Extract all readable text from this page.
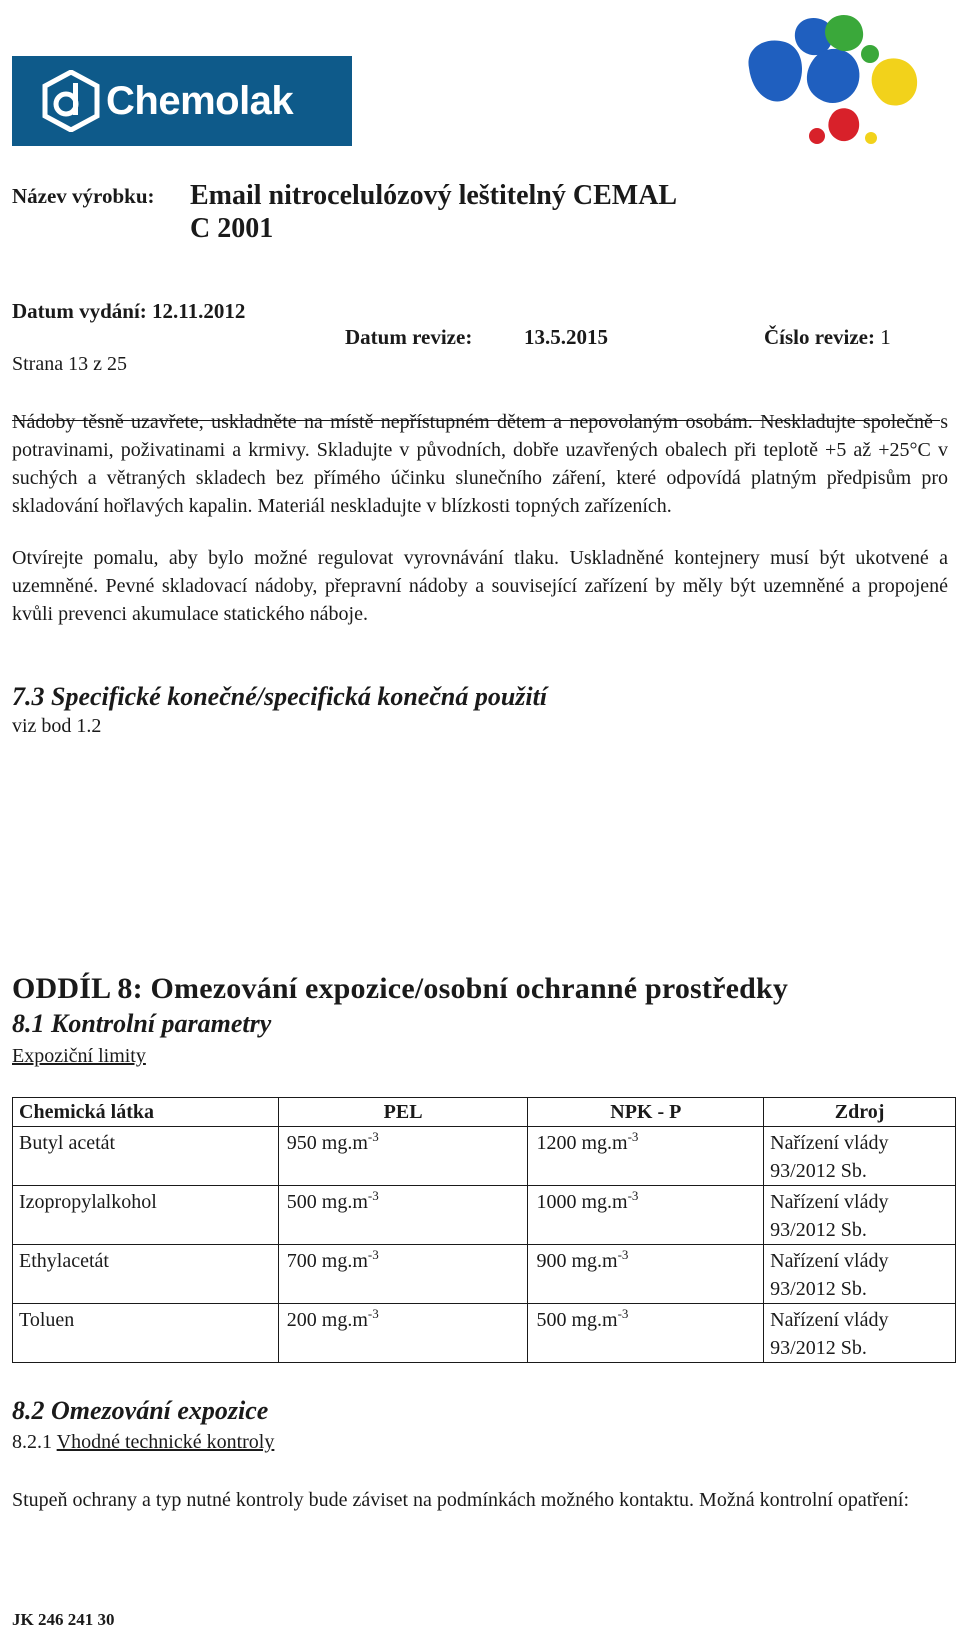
Chemolak
Název výrobku: Email nitrocelulózový leštitelný CEMAL
C 2001
Datum vydání: 12.11.2012
Datum revize: 13.5.2015	Číslo revize: 1
Strana 13 z 25

Nádoby těsně uzavřete, uskladněte na místě nepřístupném dětem a nepovolaným osobám. Neskladujte společně s potravinami, poživatinami a krmivy. Skladujte v původních, dobře uzavřených obalech při teplotě +5 až +25°C v suchých a větraných skladech bez přímého účinku slunečního záření, které odpovídá platným předpisům pro skladování hořlavých kapalin. Materiál neskladujte v blízkosti topných zařízeních.

Otvírejte pomalu, aby bylo možné regulovat vyrovnávání tlaku. Uskladněné kontejnery musí být ukotvené a uzemněné. Pevné skladovací nádoby, přepravní nádoby a související zařízení by měly být uzemněné a propojené kvůli prevenci akumulace statického náboje.

7.3 Specifické konečné/specifická konečná použití
viz bod 1.2
ODDÍL 8: Omezování expozice/osobní ochranné prostředky
8.1 Kontrolní parametry
Expoziční limity
Chemická látka	PEL	NPK - P	Zdroj
Butyl acetát	950 $mg.m^{-3}$	1200 $mg.m^{-3}$	Nařízení vlády
93/2012 Sb.
Izopropylalkohol	500 $mg.m^{-3}$	1000 $mg.m^{-3}$	Nařízení vlády
93/2012 Sb.
Ethylacetát	700 $mg.m^{-3}$	900 $mg.m^{-3}$	Nařízení vlády
93/2012 Sb.
Toluen	200 $mg.m^{-3}$	500 $mg.m^{-3}$	Nařízení vlády
93/2012 Sb.
8.2 Omezování expozice
8.2.1 Vhodné technické kontroly

Stupeň ochrany a typ nutné kontroly bude záviset na podmínkách možného kontaktu. Možná kontrolní opatření:

JK 246 241 30
